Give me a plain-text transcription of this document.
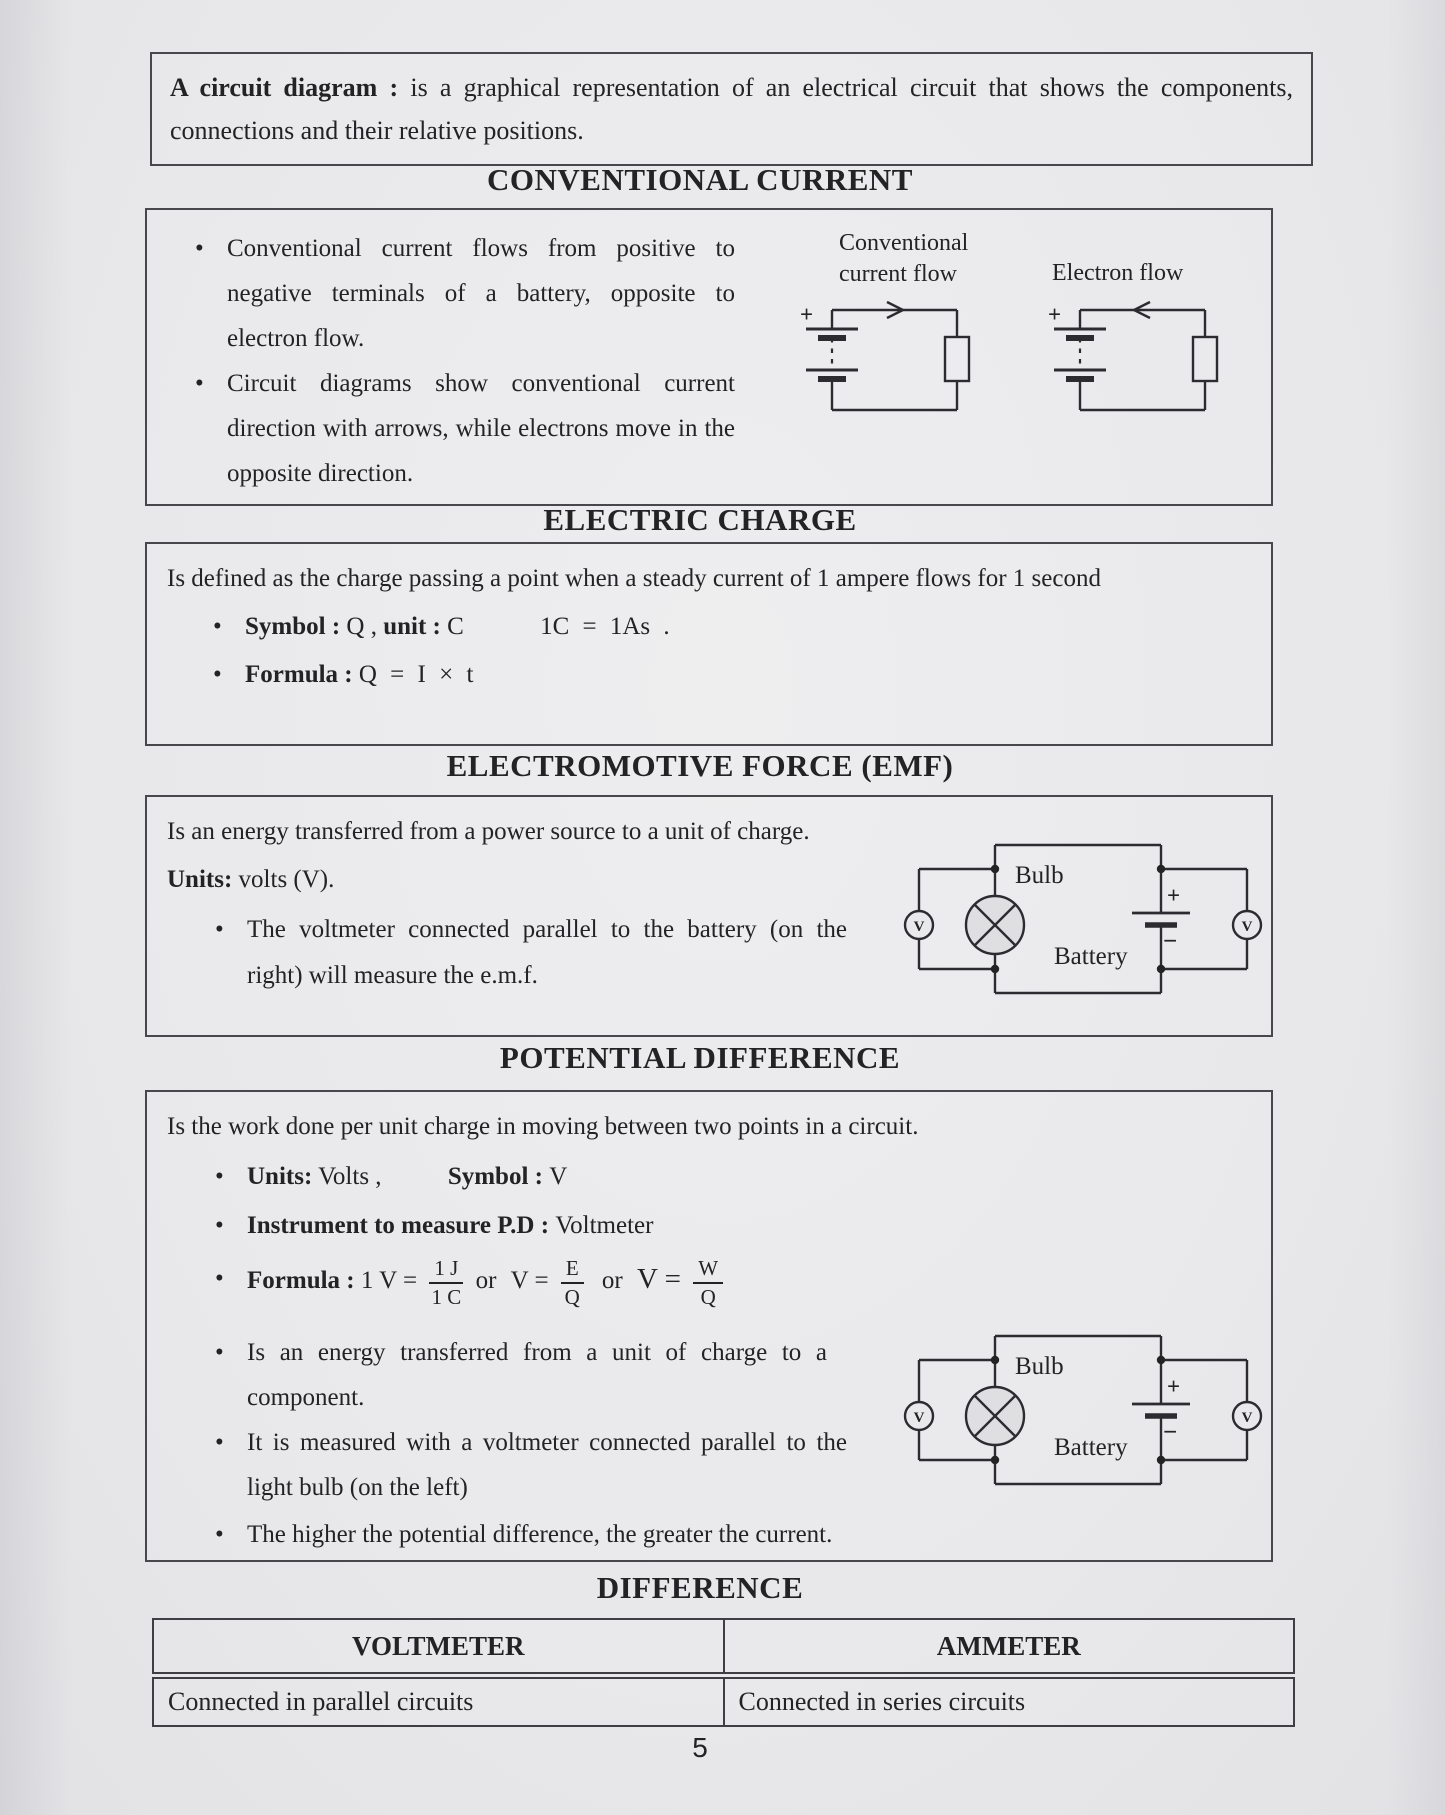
A circuit diagram : is a graphical representation of an electrical circuit that shows the components, connections and their relative positions.
CONVENTIONAL CURRENT
• Conventional current flows from positive to negative terminals of a battery, opposite to electron flow.
• Circuit diagrams show conventional current direction with arrows, while electrons move in the opposite direction.
Conventional current flow	Electron flow
+	+
ELECTRIC CHARGE
Is defined as the charge passing a point when a steady current of 1 ampere flows for 1 second
• Symbol : Q , unit : C	1C = 1As .
• Formula : Q = I × t
ELECTROMOTIVE FORCE (EMF)
Is an energy transferred from a power source to a unit of charge.
Units: volts (V).
• The voltmeter connected parallel to the battery (on the right) will measure the e.m.f.
V	V
+
−
Bulb
Battery
POTENTIAL DIFFERENCE
Is the work done per unit charge in moving between two points in a circuit.
• Units: Volts ,	Symbol : V
• Instrument to measure P.D : Voltmeter
• Formula : 1 $V = \frac{1 J}{1 C}$ or $V = \frac{E}{Q}$ or $V = \frac{W}{Q}$
• Is an energy transferred from a unit of charge to a component.
• It is measured with a voltmeter connected parallel to the light bulb (on the left)
• The higher the potential difference, the greater the current.
V	V
+
−
Bulb
Battery
DIFFERENCE
VOLTMETER	AMMETER
Connected in parallel circuits	Connected in series circuits
5
